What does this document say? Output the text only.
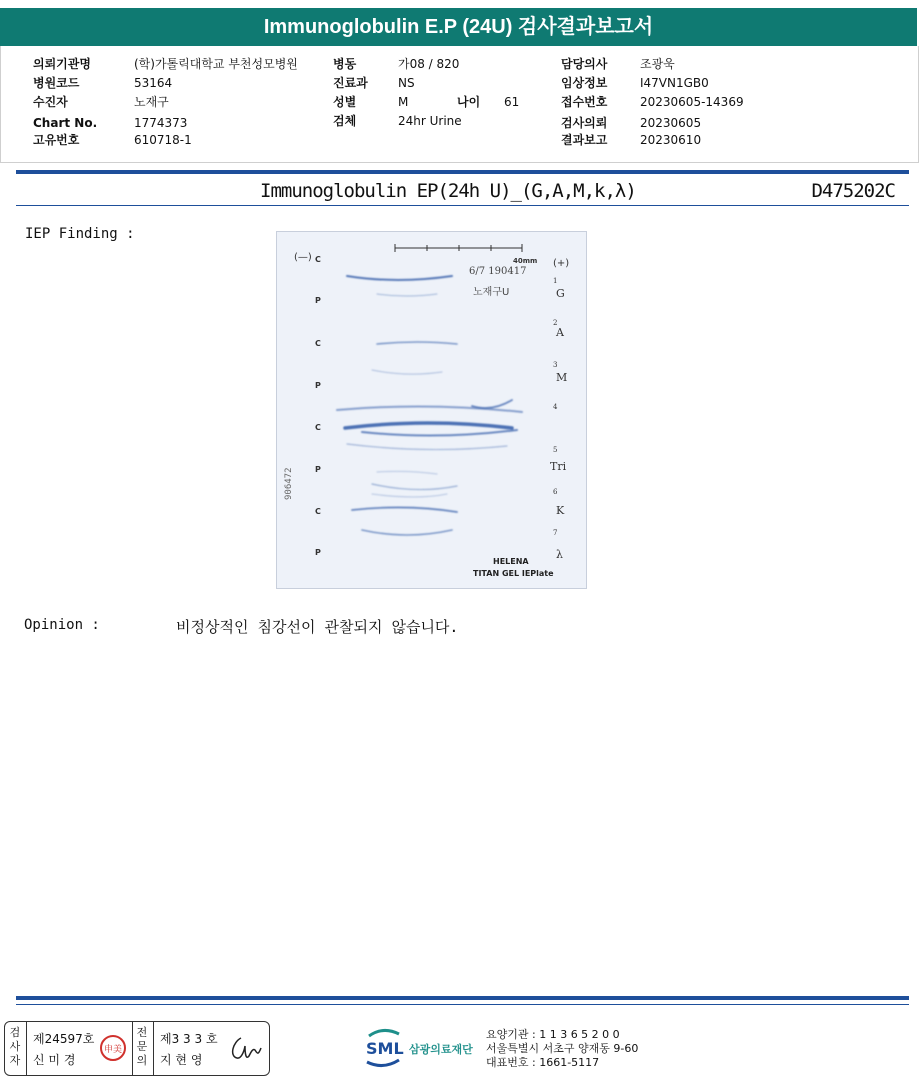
Immunoglobulin E.P (24U) 검사결과보고서
의뢰기관명	(학)가톨릭대학교 부천성모병원
병원코드	53164
수진자	노재구
Chart No.	1774373
고유번호	610718-1
병동	가08 / 820
진료과	NS
성별	M	나이 61
검체	24hr Urine
담당의사	조광욱
임상정보	I47VN1GB0
접수번호	20230605-14369
검사의뢰	20230605
결과보고	20230610
Immunoglobulin EP(24h U)_(G,A,M,k,λ)	D475202C
IEP Finding :
(—)
(+)
40mm
6/7 190417
노재구U
906472
C
P
C
P
C
P
C
P
1
G
2
A
3
M
4
5
Tri
6
K
7
λ
HELENA
TITAN GEL IEPlate
Opinion :	비정상적인 침강선이 관찰되지 않습니다.
검사자
제24597호
신 미 경
申美
전문의
제3 3 3 호
지 현 영
SML 삼광의료재단
요양기관 : 1 1 3 6 5 2 0 0
서울특별시 서초구 양재동 9-60
대표번호 : 1661-5117
